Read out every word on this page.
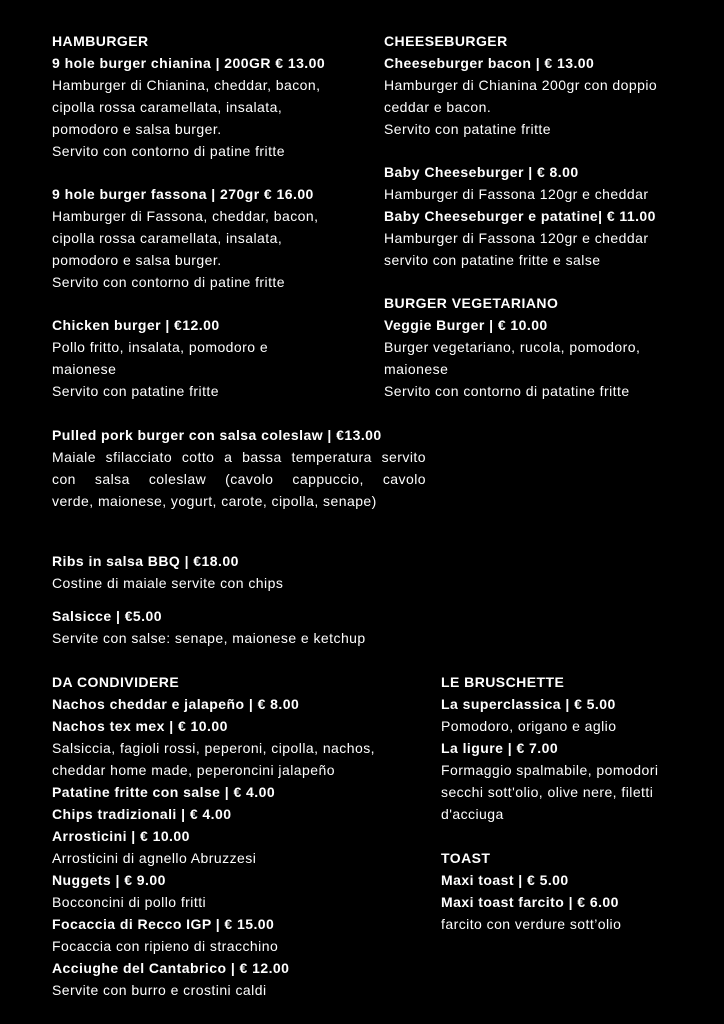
HAMBURGER
9 hole burger chianina | 200GR € 13.00
Hamburger di Chianina, cheddar, bacon,
cipolla rossa caramellata, insalata,
pomodoro e salsa burger.
Servito con contorno di patine fritte
9 hole burger fassona | 270gr € 16.00
Hamburger di Fassona, cheddar, bacon,
cipolla rossa caramellata, insalata,
pomodoro e salsa burger.
Servito con contorno di patine fritte
Chicken burger | €12.00
Pollo fritto, insalata, pomodoro e
maionese
Servito con patatine fritte
Pulled pork burger con salsa coleslaw | €13.00
Maiale sfilacciato cotto a bassa temperatura servito
con salsa coleslaw (cavolo cappuccio, cavolo
verde, maionese, yogurt, carote, cipolla, senape)
CHEESEBURGER
Cheeseburger bacon | € 13.00
Hamburger di Chianina 200gr con doppio
ceddar e bacon.
Servito con patatine fritte
Baby Cheeseburger | € 8.00
Hamburger di Fassona 120gr e cheddar
Baby Cheeseburger e patatine| € 11.00
Hamburger di Fassona 120gr e cheddar
servito con patatine fritte e salse
BURGER VEGETARIANO
Veggie Burger | € 10.00
Burger vegetariano, rucola, pomodoro,
maionese
Servito con contorno di patatine fritte
Ribs in salsa BBQ | €18.00
Costine di maiale servite con chips
Salsicce | €5.00
Servite con salse: senape, maionese e ketchup
DA CONDIVIDERE
Nachos cheddar e jalapeño | € 8.00
Nachos tex mex | € 10.00
Salsiccia, fagioli rossi, peperoni, cipolla, nachos,
cheddar home made, peperoncini jalapeño
Patatine fritte con salse | € 4.00
Chips tradizionali | € 4.00
Arrosticini | € 10.00
Arrosticini di agnello Abruzzesi
Nuggets | € 9.00
Bocconcini di pollo fritti
Focaccia di Recco IGP | € 15.00
Focaccia con ripieno di stracchino
Acciughe del Cantabrico | € 12.00
Servite con burro e crostini caldi
LE BRUSCHETTE
La superclassica | € 5.00
Pomodoro, origano e aglio
La ligure | € 7.00
Formaggio spalmabile, pomodori
secchi sott'olio, olive nere, filetti
d'acciuga
TOAST
Maxi toast | € 5.00
Maxi toast farcito | € 6.00
farcito con verdure sott’olio
